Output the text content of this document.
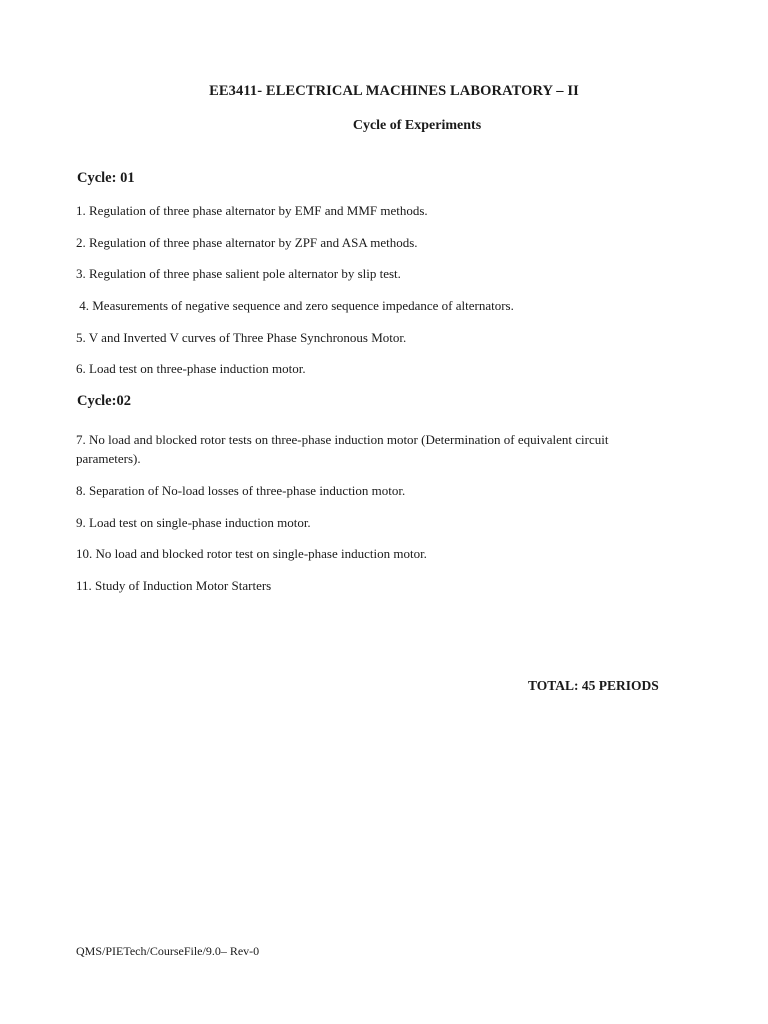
EE3411- ELECTRICAL MACHINES LABORATORY – II
Cycle of Experiments
Cycle: 01
1. Regulation of three phase alternator by EMF and MMF methods.
2. Regulation of three phase alternator by ZPF and ASA methods.
3. Regulation of three phase salient pole alternator by slip test.
4. Measurements of negative sequence and zero sequence impedance of alternators.
5. V and Inverted V curves of Three Phase Synchronous Motor.
6. Load test on three-phase induction motor.
Cycle:02
7. No load and blocked rotor tests on three-phase induction motor (Determination of equivalent circuit parameters).
8. Separation of No-load losses of three-phase induction motor.
9. Load test on single-phase induction motor.
10. No load and blocked rotor test on single-phase induction motor.
11. Study of Induction Motor Starters
TOTAL: 45 PERIODS
QMS/PIETech/CourseFile/9.0– Rev-0
